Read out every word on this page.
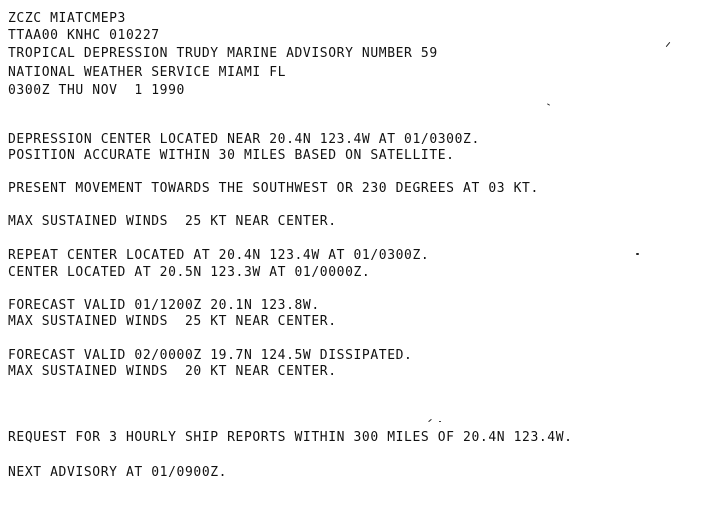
ZCZC MIATCMEP3
TTAA00 KNHC 010227
TROPICAL DEPRESSION TRUDY MARINE ADVISORY NUMBER 59
NATIONAL WEATHER SERVICE MIAMI FL
0300Z THU NOV  1 1990
DEPRESSION CENTER LOCATED NEAR 20.4N 123.4W AT 01/0300Z.
POSITION ACCURATE WITHIN 30 MILES BASED ON SATELLITE.
PRESENT MOVEMENT TOWARDS THE SOUTHWEST OR 230 DEGREES AT 03 KT.
MAX SUSTAINED WINDS  25 KT NEAR CENTER.
REPEAT CENTER LOCATED AT 20.4N 123.4W AT 01/0300Z.
CENTER LOCATED AT 20.5N 123.3W AT 01/0000Z.
FORECAST VALID 01/1200Z 20.1N 123.8W.
MAX SUSTAINED WINDS  25 KT NEAR CENTER.
FORECAST VALID 02/0000Z 19.7N 124.5W DISSIPATED.
MAX SUSTAINED WINDS  20 KT NEAR CENTER.
REQUEST FOR 3 HOURLY SHIP REPORTS WITHIN 300 MILES OF 20.4N 123.4W.
NEXT ADVISORY AT 01/0900Z.
